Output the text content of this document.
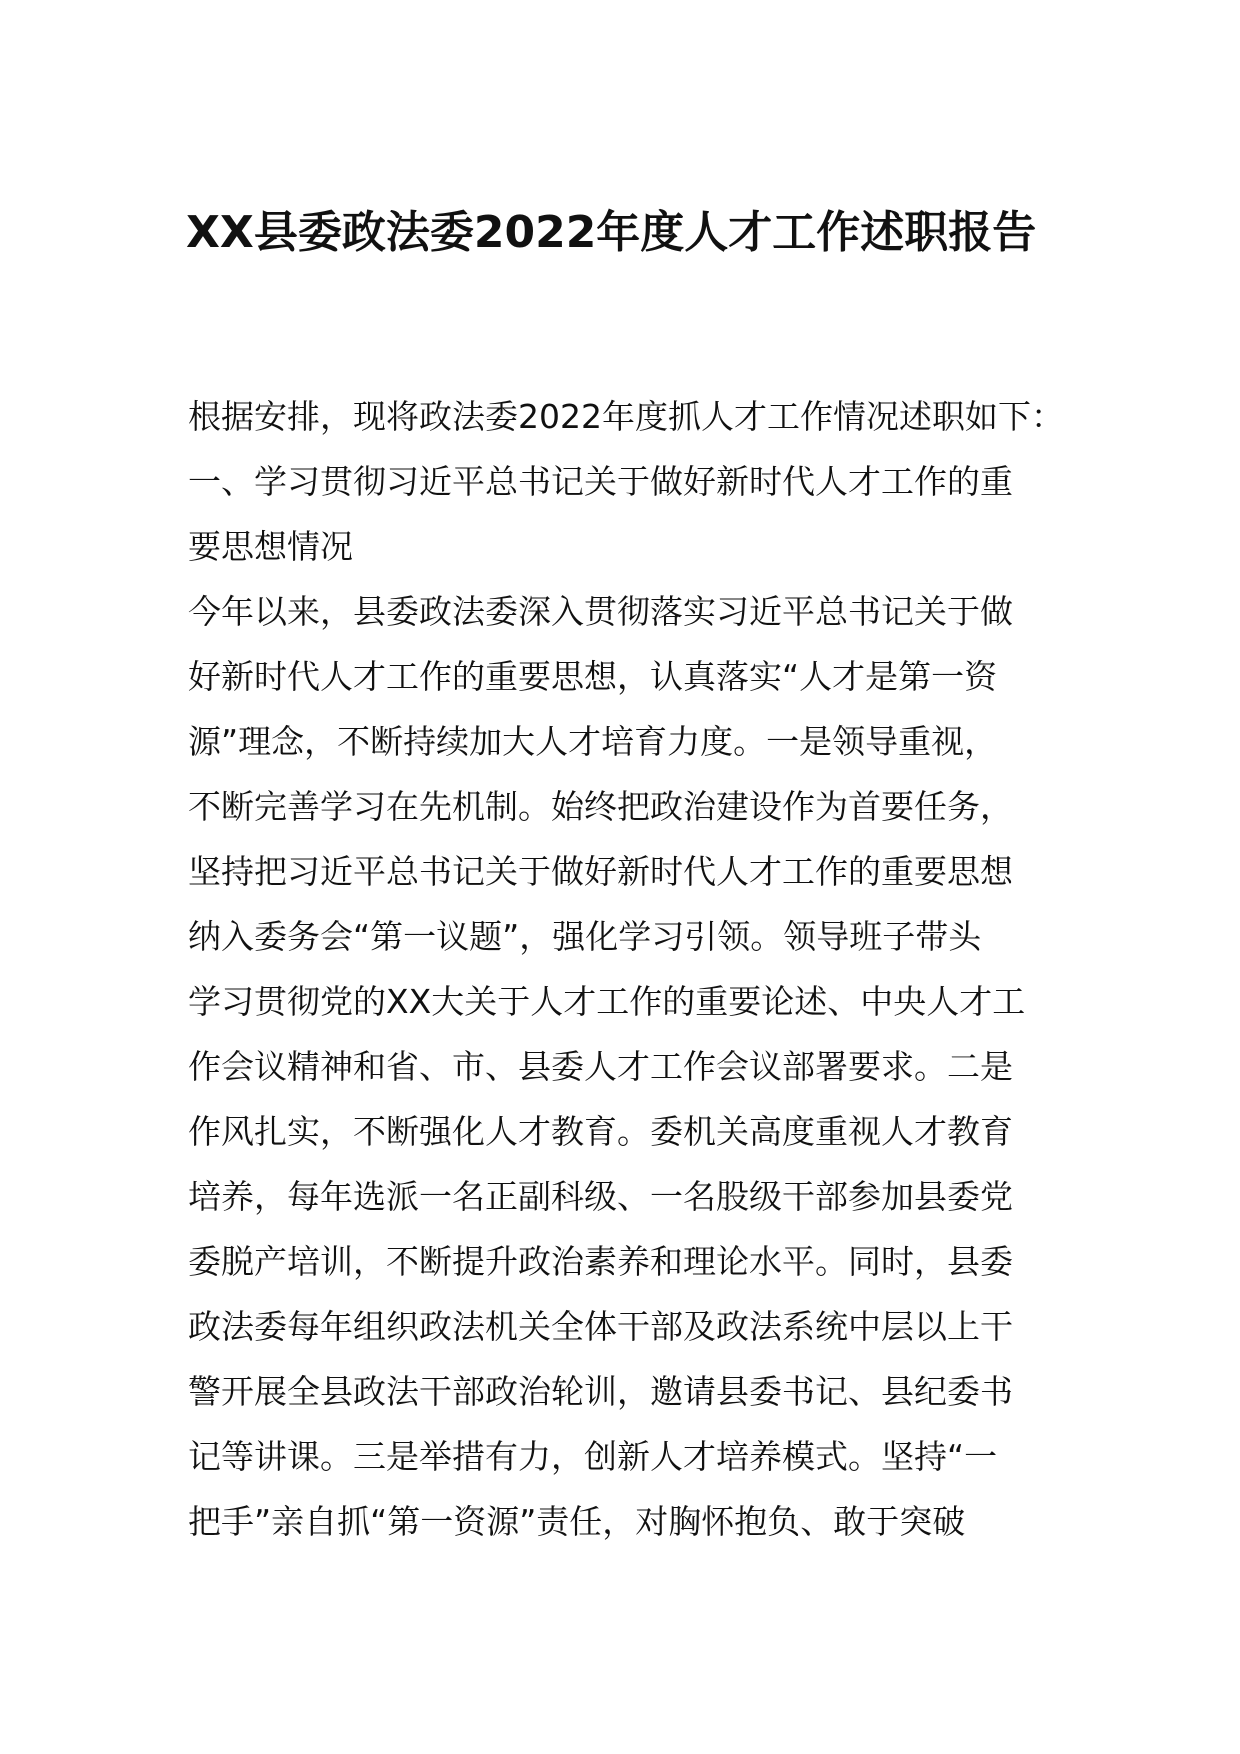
XX县委政法委2022年度人才工作述职报告
根据安排，现将政法委2022年度抓人才工作情况述职如下：
一、学习贯彻习近平总书记关于做好新时代人才工作的重
要思想情况
今年以来，县委政法委深入贯彻落实习近平总书记关于做
好新时代人才工作的重要思想，认真落实“人才是第一资
源”理念，不断持续加大人才培育力度。一是领导重视，
不断完善学习在先机制。始终把政治建设作为首要任务，
坚持把习近平总书记关于做好新时代人才工作的重要思想
纳入委务会“第一议题”，强化学习引领。领导班子带头
学习贯彻党的XX大关于人才工作的重要论述、中央人才工
作会议精神和省、市、县委人才工作会议部署要求。二是
作风扎实，不断强化人才教育。委机关高度重视人才教育
培养，每年选派一名正副科级、一名股级干部参加县委党
委脱产培训，不断提升政治素养和理论水平。同时，县委
政法委每年组织政法机关全体干部及政法系统中层以上干
警开展全县政法干部政治轮训，邀请县委书记、县纪委书
记等讲课。三是举措有力，创新人才培养模式。坚持“一
把手”亲自抓“第一资源”责任，对胸怀抱负、敢于突破
